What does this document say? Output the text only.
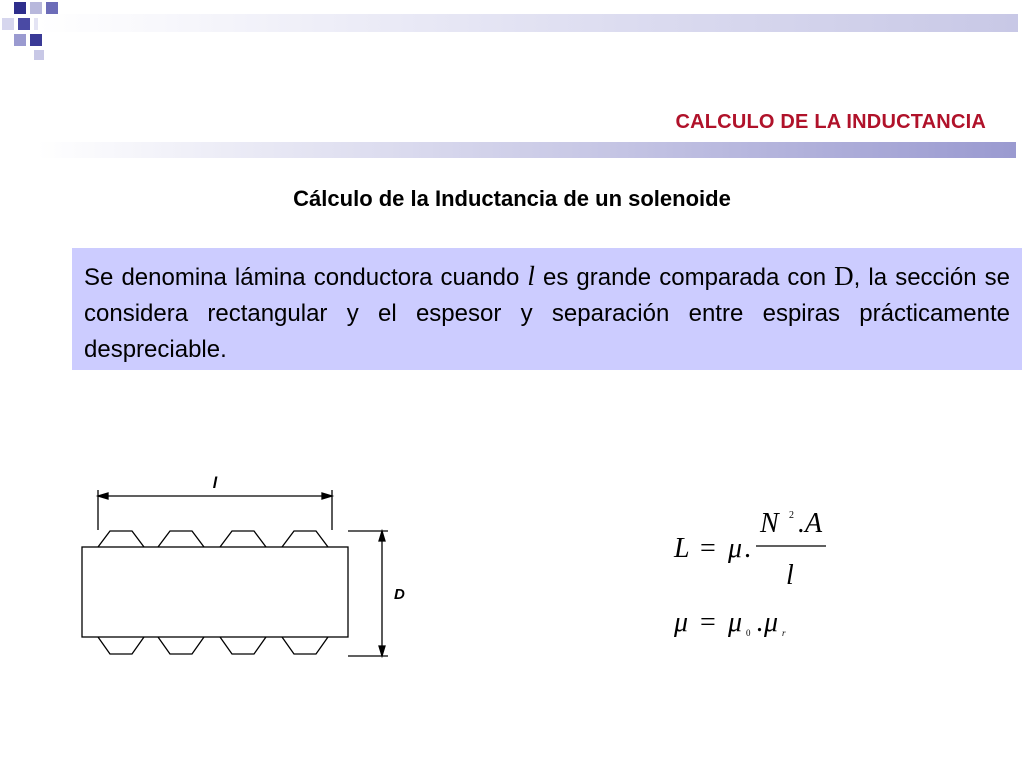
CALCULO DE LA INDUCTANCIA
Cálculo de la Inductancia de un solenoide
Se denomina lámina conductora cuando l es grande comparada con D, la sección se considera rectangular y el espesor y separación entre espiras prácticamente despreciable.
l
D
L = μ .
N 2 .A
l
μ = μ 0 . μ r
